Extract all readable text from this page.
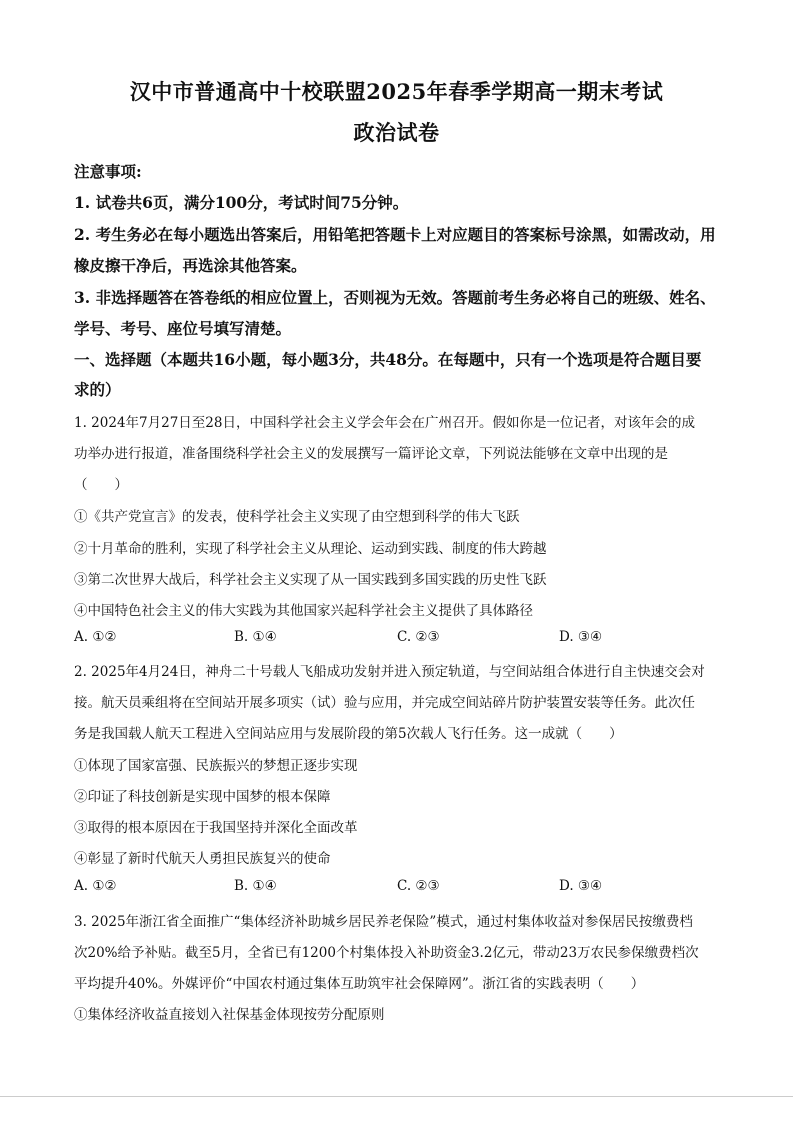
汉中市普通高中十校联盟2025年春季学期高一期末考试
政治试卷
注意事项:
1. 试卷共6页，满分100分，考试时间75分钟。
2. 考生务必在每小题选出答案后，用铅笔把答题卡上对应题目的答案标号涂黑，如需改动，用
橡皮擦干净后，再选涂其他答案。
3. 非选择题答在答卷纸的相应位置上，否则视为无效。答题前考生务必将自己的班级、姓名、
学号、考号、座位号填写清楚。
一、选择题（本题共16小题，每小题3分，共48分。在每题中，只有一个选项是符合题目要
求的）
1. 2024年7月27日至28日，中国科学社会主义学会年会在广州召开。假如你是一位记者，对该年会的成
功举办进行报道，准备围绕科学社会主义的发展撰写一篇评论文章，下列说法能够在文章中出现的是
（　　）
①《共产党宣言》的发表，使科学社会主义实现了由空想到科学的伟大飞跃
②十月革命的胜利，实现了科学社会主义从理论、运动到实践、制度的伟大跨越
③第二次世界大战后，科学社会主义实现了从一国实践到多国实践的历史性飞跃
④中国特色社会主义的伟大实践为其他国家兴起科学社会主义提供了具体路径
A. ①②	B. ①④	C. ②③	D. ③④
2. 2025年4月24日，神舟二十号载人飞船成功发射并进入预定轨道，与空间站组合体进行自主快速交会对
接。航天员乘组将在空间站开展多项实（试）验与应用，并完成空间站碎片防护装置安装等任务。此次任
务是我国载人航天工程进入空间站应用与发展阶段的第5次载人飞行任务。这一成就（　　）
①体现了国家富强、民族振兴的梦想正逐步实现
②印证了科技创新是实现中国梦的根本保障
③取得的根本原因在于我国坚持并深化全面改革
④彰显了新时代航天人勇担民族复兴的使命
A. ①②	B. ①④	C. ②③	D. ③④
3. 2025年浙江省全面推广“集体经济补助城乡居民养老保险”模式，通过村集体收益对参保居民按缴费档
次20%给予补贴。截至5月，全省已有1200个村集体投入补助资金3.2亿元，带动23万农民参保缴费档次
平均提升40%。外媒评价“中国农村通过集体互助筑牢社会保障网”。浙江省的实践表明（　　）
①集体经济收益直接划入社保基金体现按劳分配原则
